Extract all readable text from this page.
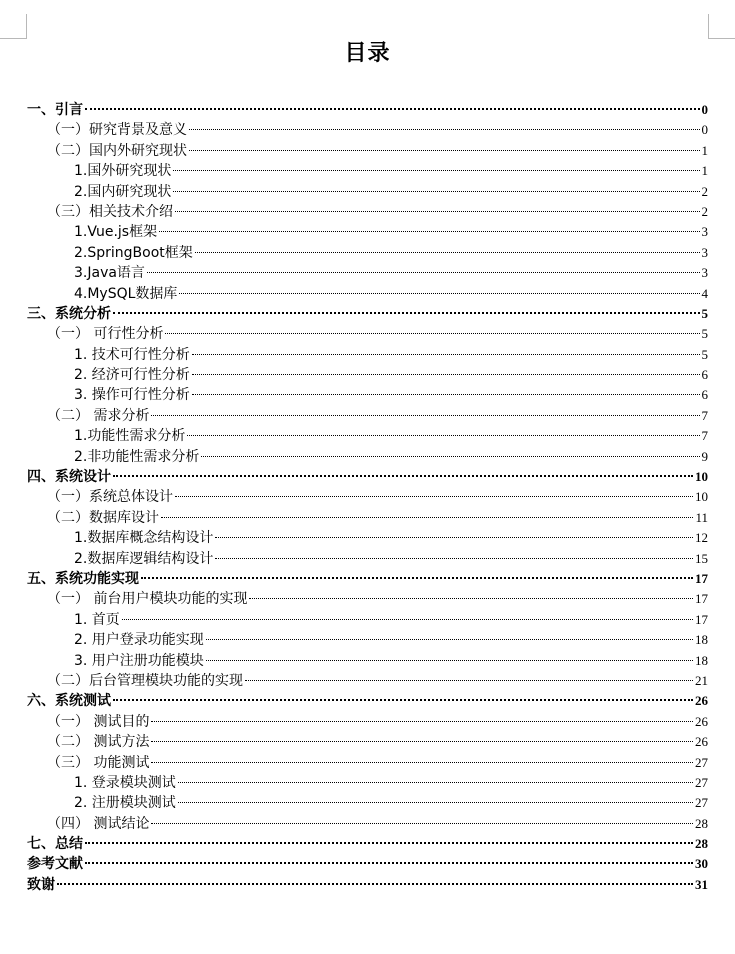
目录
一、引言	0
（一）研究背景及意义	0
（二）国内外研究现状	1
1.国外研究现状	1
2.国内研究现状	2
（三）相关技术介绍	2
1.Vue.js框架	3
2.SpringBoot框架	3
3.Java语言	3
4.MySQL数据库	4
三、系统分析	5
（一） 可行性分析	5
1. 技术可行性分析	5
2. 经济可行性分析	6
3. 操作可行性分析	6
（二） 需求分析	7
1.功能性需求分析	7
2.非功能性需求分析	9
四、系统设计	10
（一）系统总体设计	10
（二）数据库设计	11
1.数据库概念结构设计	12
2.数据库逻辑结构设计	15
五、系统功能实现	17
（一） 前台用户模块功能的实现	17
1. 首页	17
2. 用户登录功能实现	18
3. 用户注册功能模块	18
（二）后台管理模块功能的实现	21
六、系统测试	26
（一） 测试目的	26
（二） 测试方法	26
（三） 功能测试	27
1. 登录模块测试	27
2. 注册模块测试	27
（四） 测试结论	28
七、总结	28
参考文献	30
致谢	31
